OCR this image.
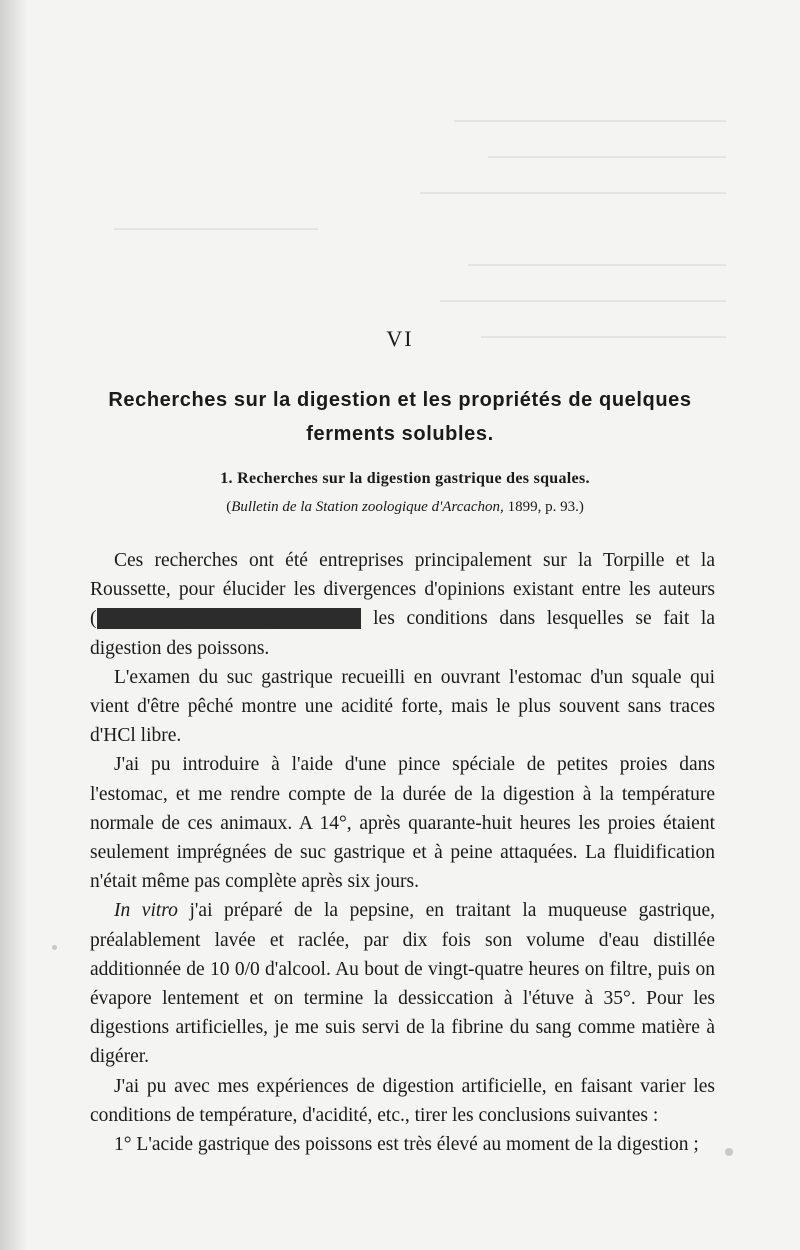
VI
Recherches sur la digestion et les propriétés de quelques ferments solubles.
1. Recherches sur la digestion gastrique des squales.
(Bulletin de la Station zoologique d'Arcachon, 1899, p. 93.)

Ces recherches ont été entreprises principalement sur la Torpille et la Roussette, pour élucider les divergences d'opinions existant entre les auteurs ( Ch. Richet, E. Yung) touchant les conditions dans lesquelles se fait la digestion des poissons.

L'examen du suc gastrique recueilli en ouvrant l'estomac d'un squale qui vient d'être pêché montre une acidité forte, mais le plus souvent sans traces d'HCl libre.

J'ai pu introduire à l'aide d'une pince spéciale de petites proies dans l'estomac, et me rendre compte de la durée de la digestion à la température normale de ces animaux. A 14°, après quarante-huit heures les proies étaient seulement imprégnées de suc gastrique et à peine attaquées. La fluidification n'était même pas complète après six jours.

In vitro j'ai préparé de la pepsine, en traitant la muqueuse gastrique, préalablement lavée et raclée, par dix fois son volume d'eau distillée additionnée de 10 0/0 d'alcool. Au bout de vingt-quatre heures on filtre, puis on évapore lentement et on termine la dessiccation à l'étuve à 35°. Pour les digestions artificielles, je me suis servi de la fibrine du sang comme matière à digérer.

J'ai pu avec mes expériences de digestion artificielle, en faisant varier les conditions de température, d'acidité, etc., tirer les conclusions suivantes :

1° L'acide gastrique des poissons est très élevé au moment de la digestion ;
